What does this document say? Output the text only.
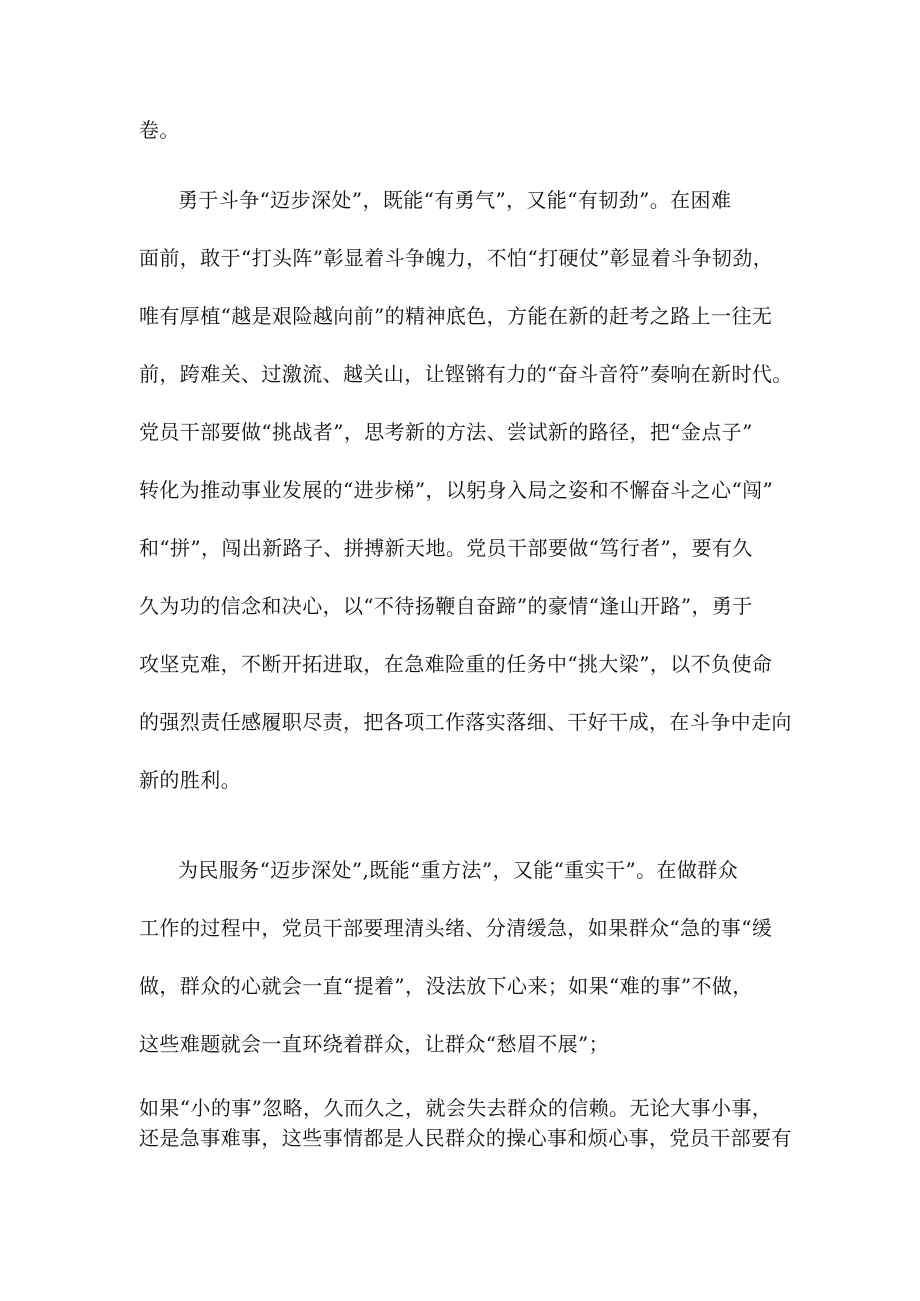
卷。

勇于斗争“迈步深处”，既能“有勇气”，又能“有韧劲”。在困难

面前，敢于“打头阵”彰显着斗争魄力，不怕“打硬仗”彰显着斗争韧劲，

唯有厚植“越是艰险越向前”的精神底色，方能在新的赶考之路上一往无

前，跨难关、过激流、越关山，让铿锵有力的“奋斗音符”奏响在新时代。

党员干部要做“挑战者”，思考新的方法、尝试新的路径，把“金点子”

转化为推动事业发展的“进步梯”，以躬身入局之姿和不懈奋斗之心“闯”

和“拼”，闯出新路子、拼搏新天地。党员干部要做“笃行者”，要有久

久为功的信念和决心，以“不待扬鞭自奋蹄”的豪情“逢山开路”，勇于

攻坚克难，不断开拓进取，在急难险重的任务中“挑大梁”，以不负使命

的强烈责任感履职尽责，把各项工作落实落细、干好干成，在斗争中走向

新的胜利。

为民服务“迈步深处”,既能“重方法”，又能“重实干”。在做群众

工作的过程中，党员干部要理清头绪、分清缓急，如果群众“急的事“缓

做，群众的心就会一直“提着”，没法放下心来；如果“难的事”不做，

这些难题就会一直环绕着群众，让群众“愁眉不展”；

如果“小的事”忽略，久而久之，就会失去群众的信赖。无论大事小事，

还是急事难事，这些事情都是人民群众的操心事和烦心事，党员干部要有
